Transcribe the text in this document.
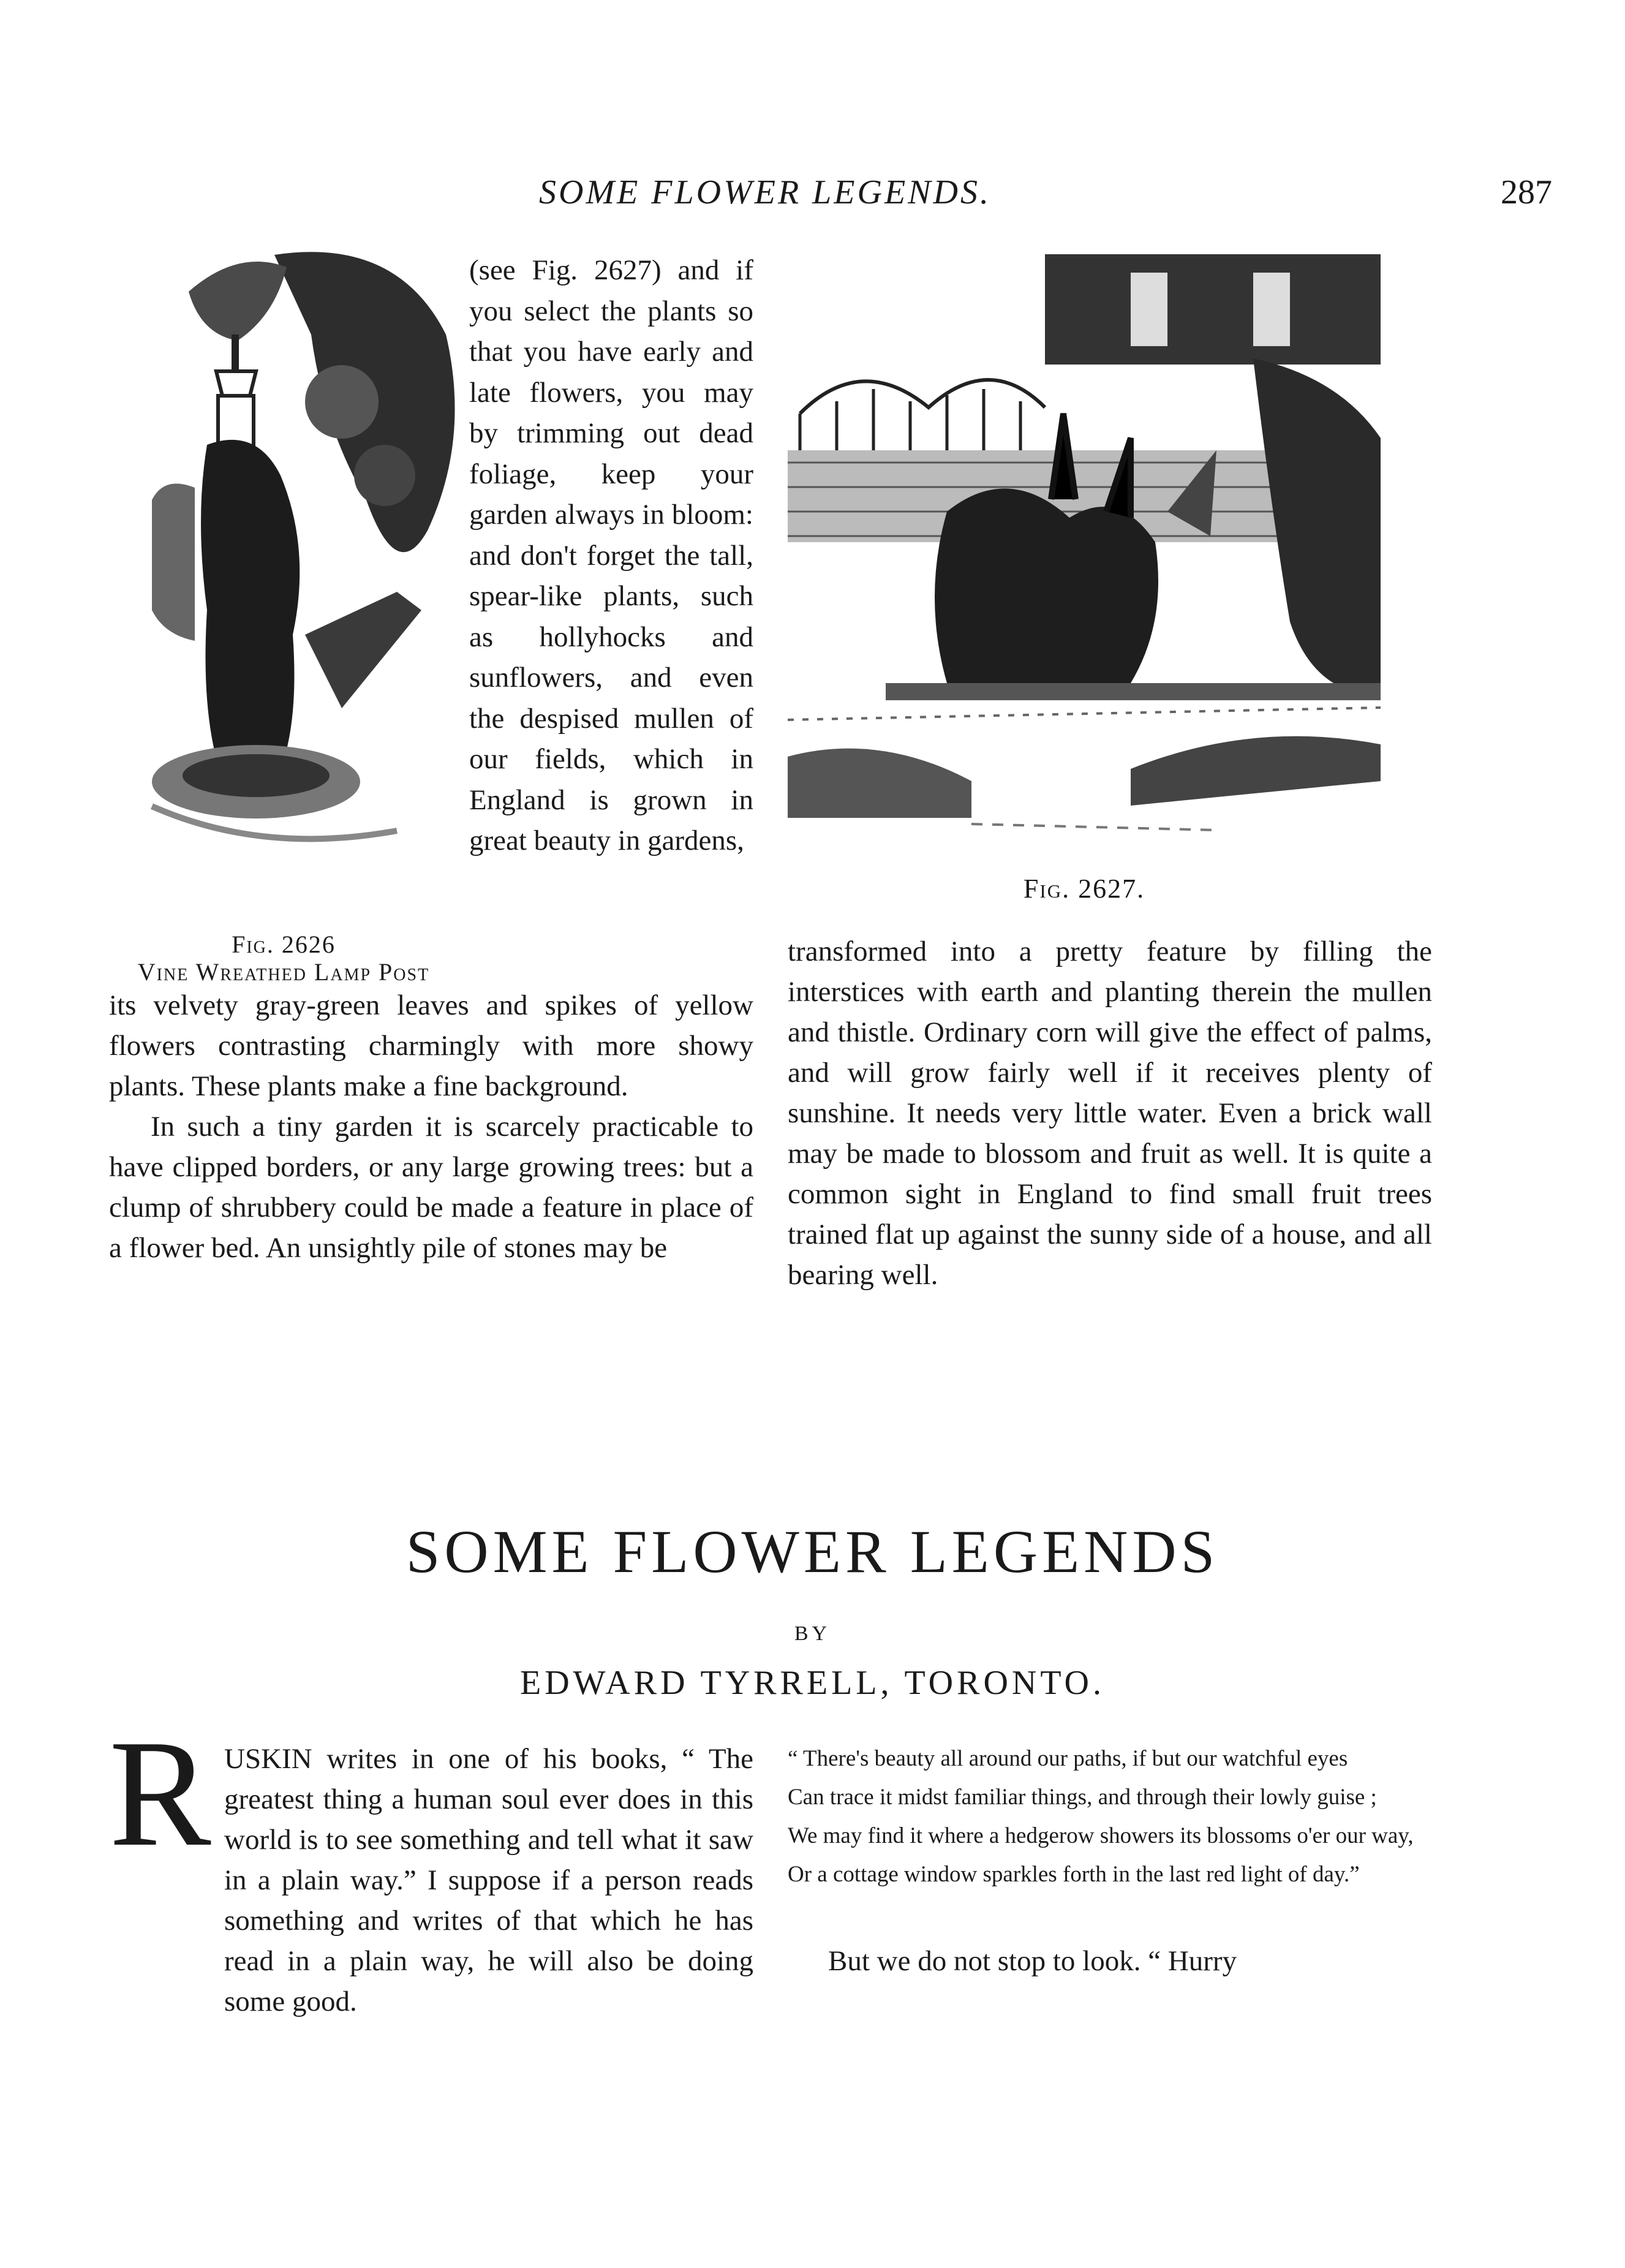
SOME FLOWER LEGENDS.	287
Fig. 2626
Vine Wreathed Lamp Post
(see Fig. 2627) and if you select the plants so that you have early and late flowers, you may by trimming out dead foliage, keep your garden always in bloom: and don't forget the tall, spear-like plants, such as hollyhocks and sunflowers, and even the despised mullen of our fields, which in England is grown in great beauty in gardens,
Fig. 2627.

its velvety gray-green leaves and spikes of yellow flowers contrasting charmingly with more showy plants. These plants make a fine background.

In such a tiny garden it is scarcely practicable to have clipped borders, or any large growing trees: but a clump of shrubbery could be made a feature in place of a flower bed. An unsightly pile of stones may be

transformed into a pretty feature by filling the interstices with earth and planting therein the mullen and thistle. Ordinary corn will give the effect of palms, and will grow fairly well if it receives plenty of sunshine. It needs very little water. Even a brick wall may be made to blossom and fruit as well. It is quite a common sight in England to find small fruit trees trained flat up against the sunny side of a house, and all bearing well.

SOME FLOWER LEGENDS
BY
EDWARD TYRRELL, TORONTO.
R USKIN writes in one of his books, “ The greatest thing a human soul ever does in this world is to see something and tell what it saw in a plain way.” I suppose if a person reads something and writes of that which he has read in a plain way, he will also be doing some good.
“ There's beauty all around our paths, if but our watchful eyes
Can trace it midst familiar things, and through their lowly guise ;
We may find it where a hedgerow showers its blossoms o'er our way,
Or a cottage window sparkles forth in the last red light of day.”
But we do not stop to look. “ Hurry
